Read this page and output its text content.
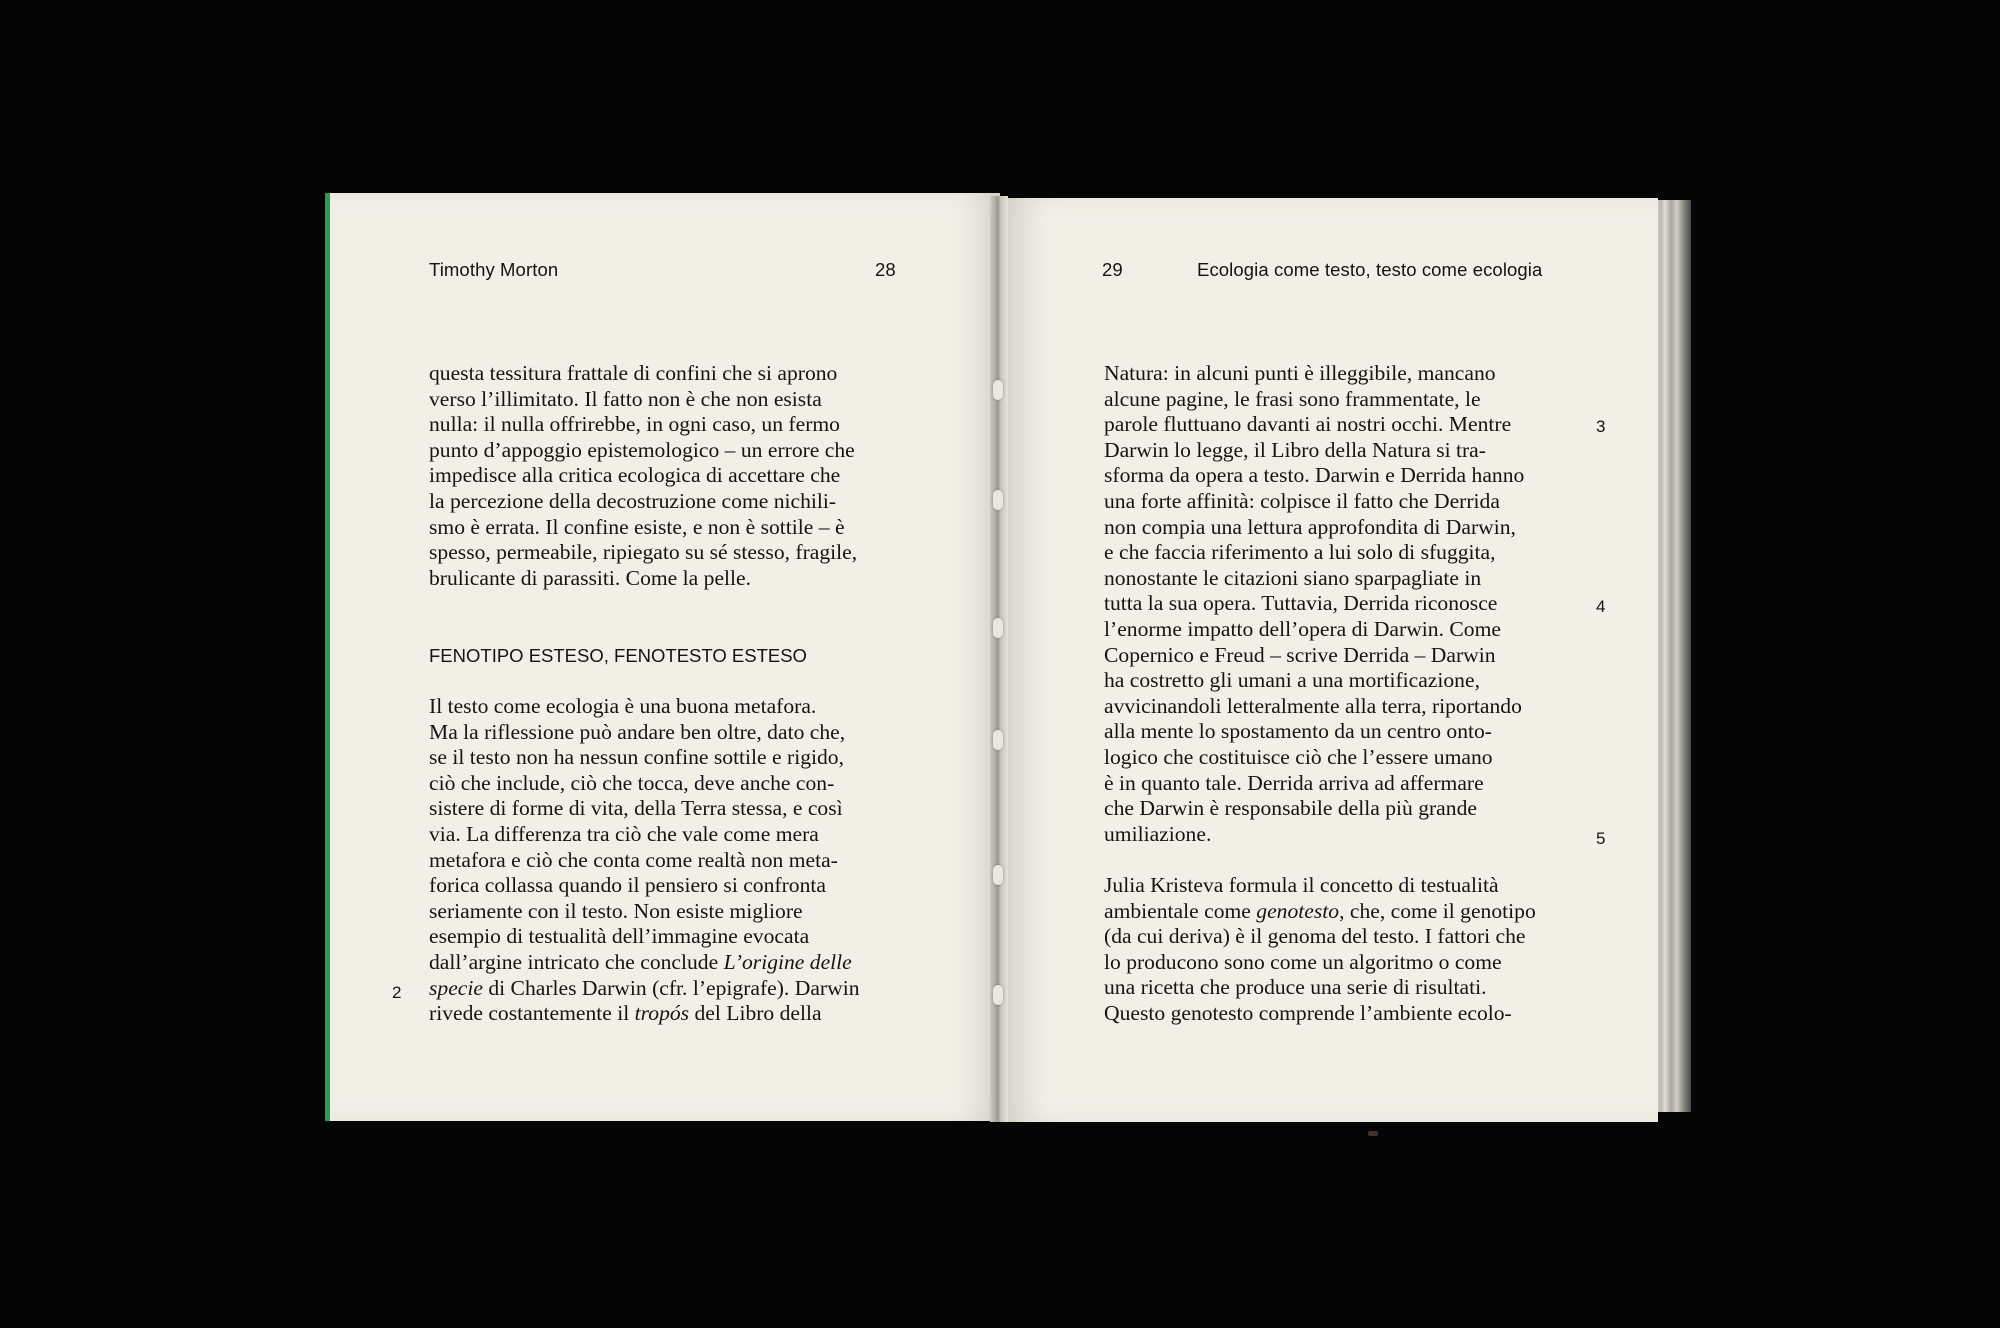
Timothy Morton	28
questa tessitura frattale di confini che si aprono
verso l’illimitato. Il fatto non è che non esista
nulla: il nulla offrirebbe, in ogni caso, un fermo
punto d’appoggio epistemologico – un errore che
impedisce alla critica ecologica di accettare che
la percezione della decostruzione come nichili-
smo è errata. Il confine esiste, e non è sottile – è
spesso, permeabile, ripiegato su sé stesso, fragile,
brulicante di parassiti. Come la pelle.
FENOTIPO ESTESO, FENOTESTO ESTESO
Il testo come ecologia è una buona metafora.
Ma la riflessione può andare ben oltre, dato che,
se il testo non ha nessun confine sottile e rigido,
ciò che include, ciò che tocca, deve anche con-
sistere di forme di vita, della Terra stessa, e così
via. La differenza tra ciò che vale come mera
metafora e ciò che conta come realtà non meta-
forica collassa quando il pensiero si confronta
seriamente con il testo. Non esiste migliore
esempio di testualità dell’immagine evocata
dall’argine intricato che conclude L’origine delle
specie di Charles Darwin (cfr. l’epigrafe). Darwin
rivede costantemente il tropós del Libro della
2
29	Ecologia come testo, testo come ecologia
Natura: in alcuni punti è illeggibile, mancano
alcune pagine, le frasi sono frammentate, le
parole fluttuano davanti ai nostri occhi. Mentre
Darwin lo legge, il Libro della Natura si tra-
sforma da opera a testo. Darwin e Derrida hanno
una forte affinità: colpisce il fatto che Derrida
non compia una lettura approfondita di Darwin,
e che faccia riferimento a lui solo di sfuggita,
nonostante le citazioni siano sparpagliate in
tutta la sua opera. Tuttavia, Derrida riconosce
l’enorme impatto dell’opera di Darwin. Come
Copernico e Freud – scrive Derrida – Darwin
ha costretto gli umani a una mortificazione,
avvicinandoli letteralmente alla terra, riportando
alla mente lo spostamento da un centro onto-
logico che costituisce ciò che l’essere umano
è in quanto tale. Derrida arriva ad affermare
che Darwin è responsabile della più grande
umiliazione.
Julia Kristeva formula il concetto di testualità
ambientale come genotesto, che, come il genotipo
(da cui deriva) è il genoma del testo. I fattori che
lo producono sono come un algoritmo o come
una ricetta che produce una serie di risultati.
Questo genotesto comprende l’ambiente ecolo-
3
4
5
